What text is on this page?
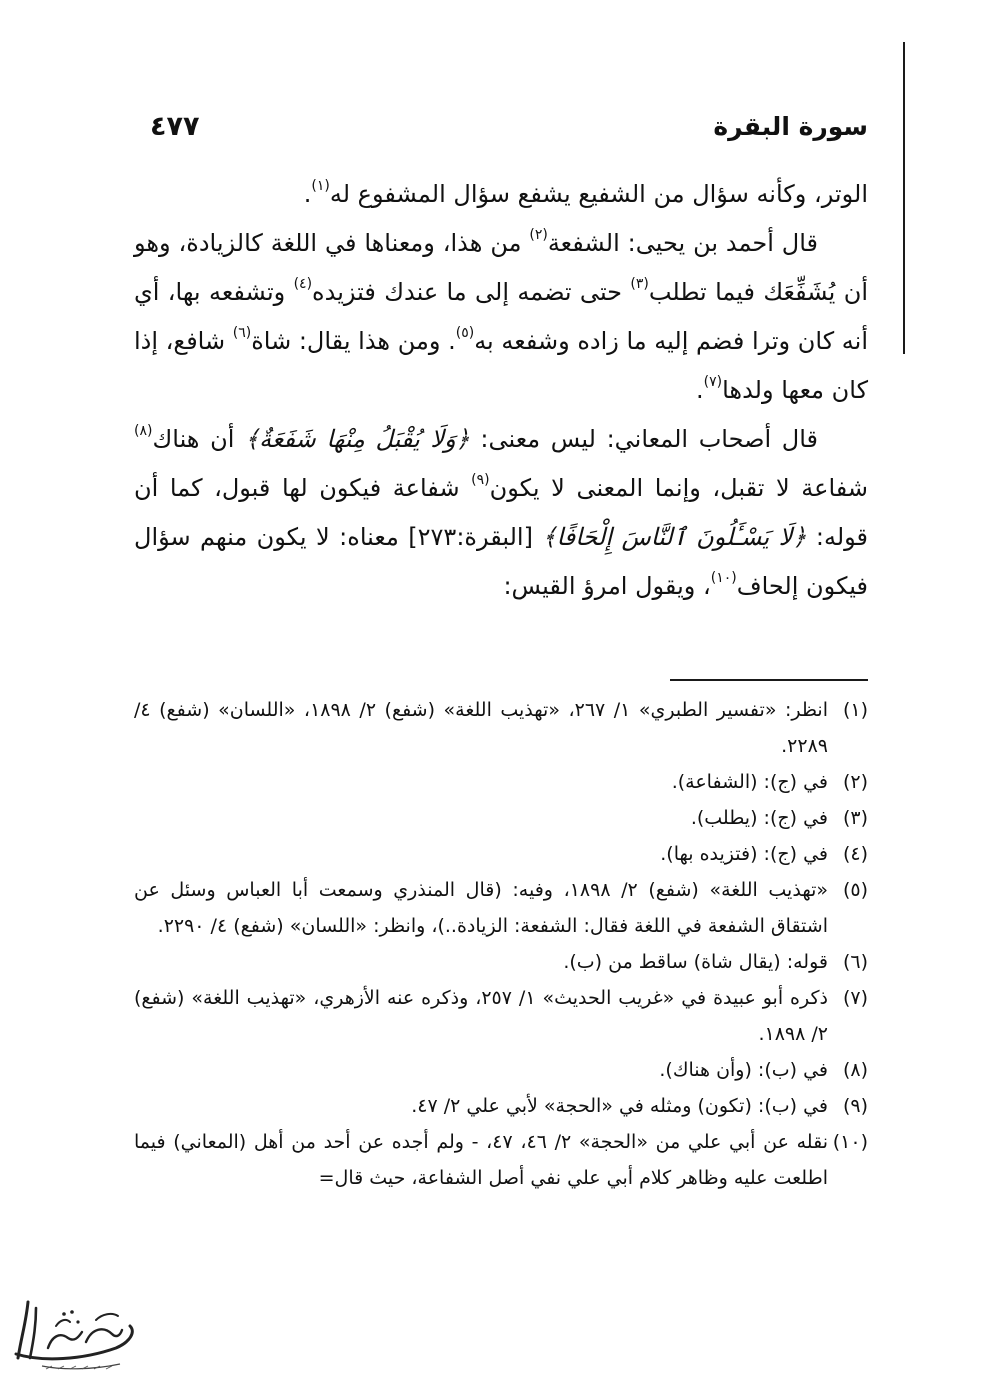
٤٧٧	سورة البقرة

الوتر، وكأنه سؤال من الشفيع يشفع سؤال المشفوع له$^{(١)}$.

قال أحمد بن يحيى: الشفعة$^{(٢)}$ من هذا، ومعناها في اللغة كالزيادة، وهو أن يُشَفِّعَك فيما تطلب$^{(٣)}$ حتى تضمه إلى ما عندك فتزيده$^{(٤)}$ وتشفعه بها، أي أنه كان وترا فضم إليه ما زاده وشفعه به$^{(٥)}$. ومن هذا يقال: شاة$^{(٦)}$ شافع، إذا كان معها ولدها$^{(٧)}$.

قال أصحاب المعاني: ليس معنى: ﴿وَلَا يُقْبَلُ مِنْهَا شَفَعَةٌ﴾ أن هناك$^{(٨)}$ شفاعة لا تقبل، وإنما المعنى لا يكون$^{(٩)}$ شفاعة فيكون لها قبول، كما أن قوله: ﴿لَا يَسْـَٔلُونَ ٱلنَّاسَ إِلْحَافًا﴾ [البقرة:٢٧٣] معناه: لا يكون منهم سؤال فيكون إلحاف$^{(١٠)}$، ويقول امرؤ القيس:

(١)
انظر: «تفسير الطبري» ١/ ٢٦٧، «تهذيب اللغة» (شفع) ٢/ ١٨٩٨، «اللسان» (شفع) ٤/ ٢٢٨٩.
(٢)
في (ج): (الشفاعة).
(٣)
في (ج): (يطلب).
(٤)
في (ج): (فتزيده بها).
(٥)
«تهذيب اللغة» (شفع) ٢/ ١٨٩٨، وفيه: (قال المنذري وسمعت أبا العباس وسئل عن اشتقاق الشفعة في اللغة فقال: الشفعة: الزيادة..)، وانظر: «اللسان» (شفع) ٤/ ٢٢٩٠.
(٦)
قوله: (يقال شاة) ساقط من (ب).
(٧)
ذكره أبو عبيدة في «غريب الحديث» ١/ ٢٥٧، وذكره عنه الأزهري، «تهذيب اللغة» (شفع) ٢/ ١٨٩٨.
(٨)
في (ب): (وأن هناك).
(٩)
في (ب): (تكون) ومثله في «الحجة» لأبي علي ٢/ ٤٧.
(١٠)
نقله عن أبي علي من «الحجة» ٢/ ٤٦، ٤٧، - ولم أجده عن أحد من أهل (المعاني) فيما اطلعت عليه وظاهر كلام أبي علي نفي أصل الشفاعة، حيث قال=
